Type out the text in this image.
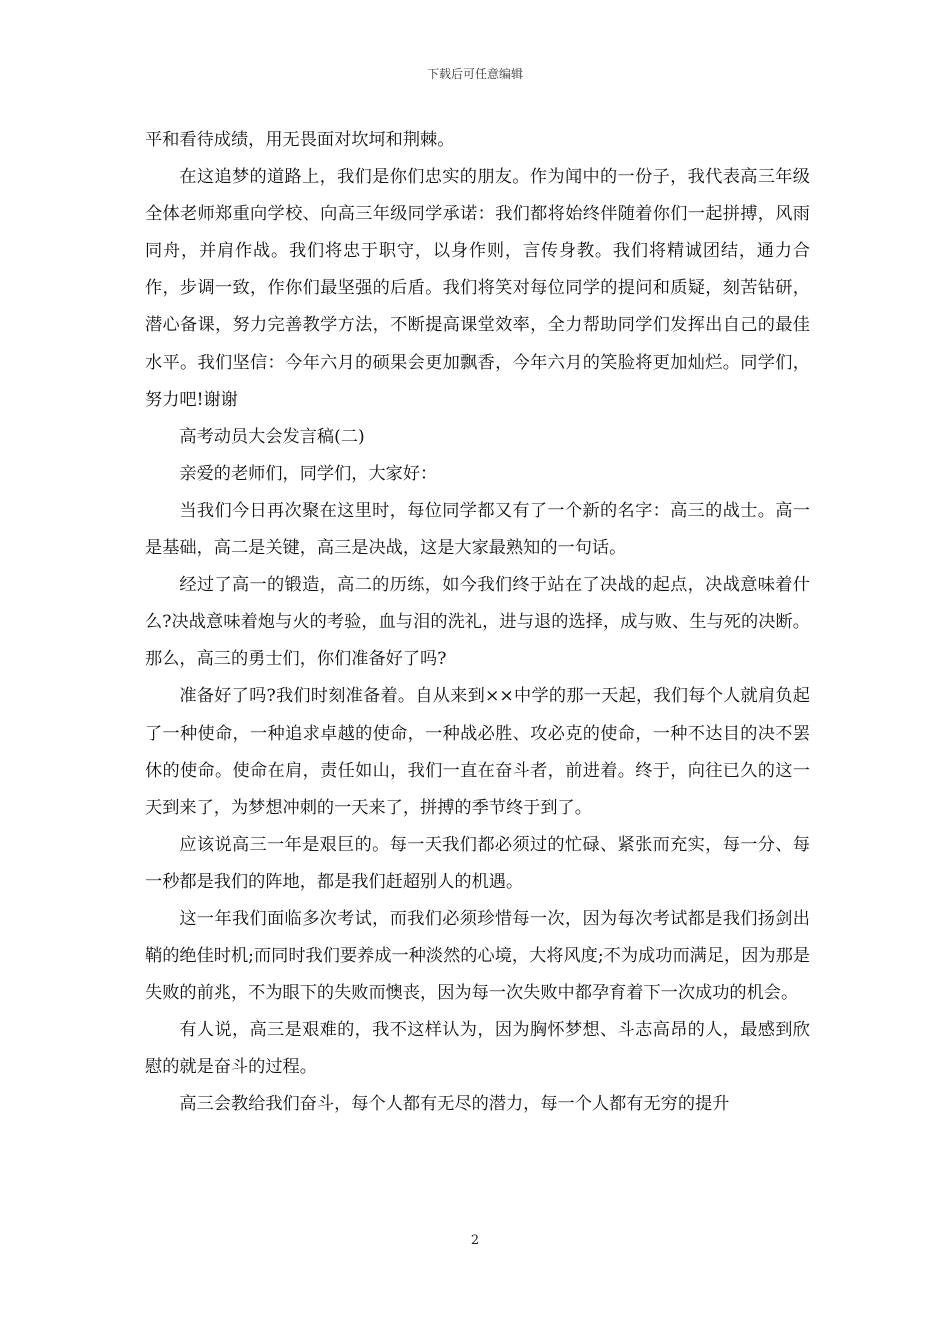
下载后可任意编辑

平和看待成绩，用无畏面对坎坷和荆棘。

在这追梦的道路上，我们是你们忠实的朋友。作为闻中的一份子，我代表高三年级全体老师郑重向学校、向高三年级同学承诺：我们都将始终伴随着你们一起拼搏，风雨同舟，并肩作战。我们将忠于职守，以身作则，言传身教。我们将精诚团结，通力合作，步调一致，作你们最坚强的后盾。我们将笑对每位同学的提问和质疑，刻苦钻研，潜心备课，努力完善教学方法，不断提高课堂效率，全力帮助同学们发挥出自己的最佳水平。我们坚信：今年六月的硕果会更加飘香，今年六月的笑脸将更加灿烂。同学们，努力吧!谢谢

高考动员大会发言稿(二)

亲爱的老师们，同学们，大家好：

当我们今日再次聚在这里时，每位同学都又有了一个新的名字：高三的战士。高一是基础，高二是关键，高三是决战，这是大家最熟知的一句话。

经过了高一的锻造，高二的历练，如今我们终于站在了决战的起点，决战意味着什么?决战意味着炮与火的考验，血与泪的洗礼，进与退的选择，成与败、生与死的决断。那么，高三的勇士们，你们准备好了吗?

准备好了吗?我们时刻准备着。自从来到××中学的那一天起，我们每个人就肩负起了一种使命，一种追求卓越的使命，一种战必胜、攻必克的使命，一种不达目的决不罢休的使命。使命在肩，责任如山，我们一直在奋斗者，前进着。终于，向往已久的这一天到来了，为梦想冲刺的一天来了，拼搏的季节终于到了。

应该说高三一年是艰巨的。每一天我们都必须过的忙碌、紧张而充实，每一分、每一秒都是我们的阵地，都是我们赶超别人的机遇。

这一年我们面临多次考试，而我们必须珍惜每一次，因为每次考试都是我们扬剑出鞘的绝佳时机;而同时我们要养成一种淡然的心境，大将风度;不为成功而满足，因为那是失败的前兆，不为眼下的失败而懊丧，因为每一次失败中都孕育着下一次成功的机会。

有人说，高三是艰难的，我不这样认为，因为胸怀梦想、斗志高昂的人，最感到欣慰的就是奋斗的过程。

高三会教给我们奋斗，每个人都有无尽的潜力，每一个人都有无穷的提升

2
